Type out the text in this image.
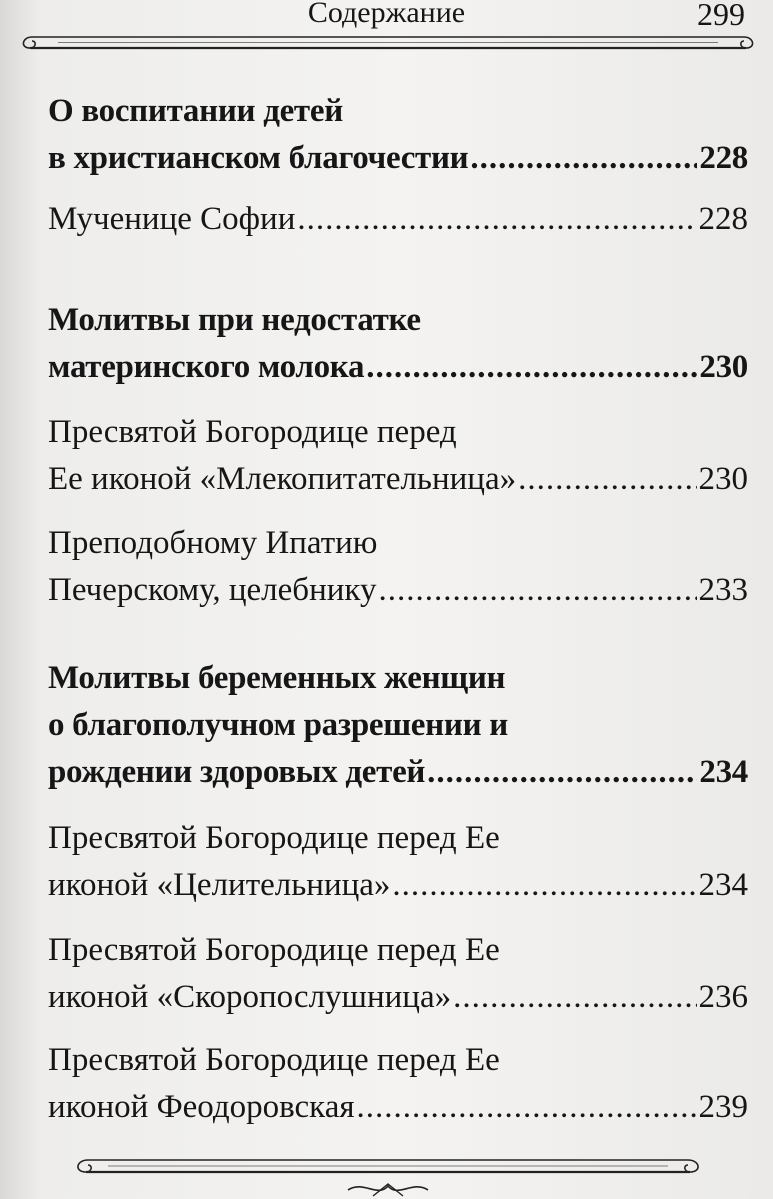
Содержание	299
О воспитании детей
в христианском благочестии .....	228
Мученице Софии .....	228
Молитвы при недостатке
материнского молока .....	230
Пресвятой Богородице перед
Ее иконой «Млекопитательница» .....	230
Преподобному Ипатию
Печерскому, целебнику .....	233
Молитвы беременных женщин
о благополучном разрешении и
рождении здоровых детей .....	234
Пресвятой Богородице перед Ее
иконой «Целительница» .....	234
Пресвятой Богородице перед Ее
иконой «Скоропослушница» .....	236
Пресвятой Богородице перед Ее
иконой Феодоровская .....	239
